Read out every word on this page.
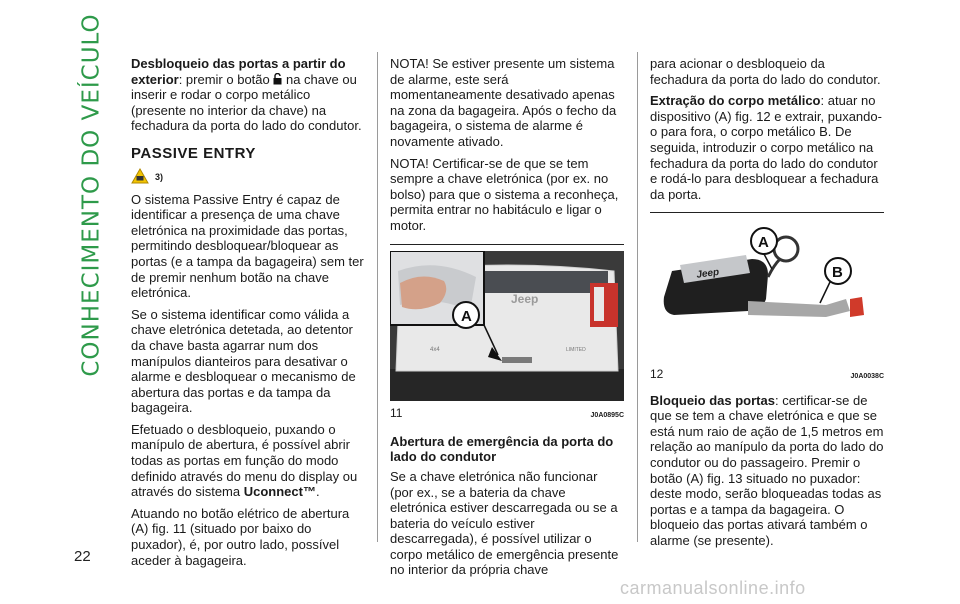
CONHECIMENTO DO VEÍCULO
22

Desbloqueio das portas a partir do exterior: premir o botão  na chave ou inserir e rodar o corpo metálico (presente no interior da chave) na fechadura da porta do lado do condutor.

PASSIVE ENTRY
3)

O sistema Passive Entry é capaz de identificar a presença de uma chave eletrónica na proximidade das portas, permitindo desbloquear/bloquear as portas (e a tampa da bagageira) sem ter de premir nenhum botão na chave eletrónica.

Se o sistema identificar como válida a chave eletrónica detetada, ao detentor da chave basta agarrar num dos manípulos dianteiros para desativar o alarme e desbloquear o mecanismo de abertura das portas e da tampa da bagageira.

Efetuado o desbloqueio, puxando o manípulo de abertura, é possível abrir todas as portas em função do modo definido através do menu do display ou através do sistema Uconnect™.

Atuando no botão elétrico de abertura (A) fig. 11 (situado por baixo do puxador), é, por outro lado, possível aceder à bagageira.

NOTA! Se estiver presente um sistema de alarme, este será momentaneamente desativado apenas na zona da bagageira. Após o fecho da bagageira, o sistema de alarme é novamente ativado.

NOTA! Certificar-se de que se tem sempre a chave eletrónica (por ex. no bolso) para que o sistema a reconheça, permita entrar no habitáculo e ligar o motor.

Jeep
4x4	LIMITED
A
11	J0A0895C
Abertura de emergência da porta do lado do condutor

Se a chave eletrónica não funcionar (por ex., se a bateria da chave eletrónica estiver descarregada ou se a bateria do veículo estiver descarregada), é possível utilizar o corpo metálico de emergência presente no interior da própria chave

para acionar o desbloqueio da fechadura da porta do lado do condutor.

Extração do corpo metálico: atuar no dispositivo (A) fig. 12 e extrair, puxando-o para fora, o corpo metálico B. De seguida, introduzir o corpo metálico na fechadura da porta do lado do condutor e rodá-lo para desbloquear a fechadura da porta.

Jeep
A
B
12	J0A0038C

Bloqueio das portas: certificar-se de que se tem a chave eletrónica e que se está num raio de ação de 1,5 metros em relação ao manípulo da porta do lado do condutor ou do passageiro. Premir o botão (A) fig. 13 situado no puxador: deste modo, serão bloqueadas todas as portas e a tampa da bagageira. O bloqueio das portas ativará também o alarme (se presente).

carmanualsonline.info
